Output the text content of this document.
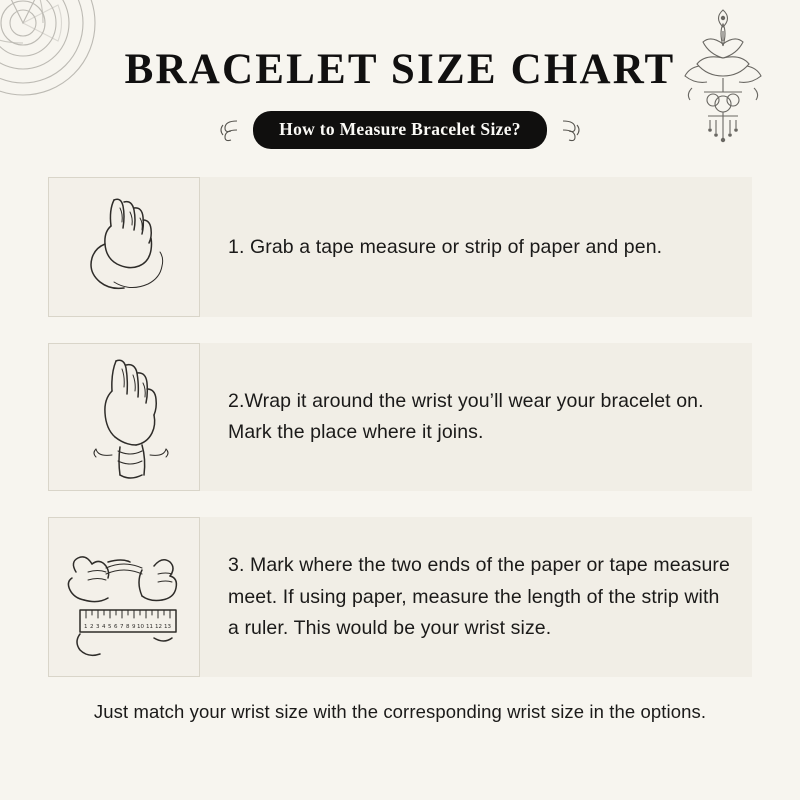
BRACELET SIZE CHART
How to Measure Bracelet Size?
1. Grab a tape measure or strip of paper and pen.
2.Wrap it around the wrist you’ll wear your bracelet on. Mark the place where it joins.
1 2 3 4 5 6 7 8 9 10 11 12 13
3. Mark where the two ends of the paper or tape measure meet. If using paper, measure the length of the strip with a ruler. This would be your wrist size.
Just match your wrist size with the corresponding wrist size in the options.
